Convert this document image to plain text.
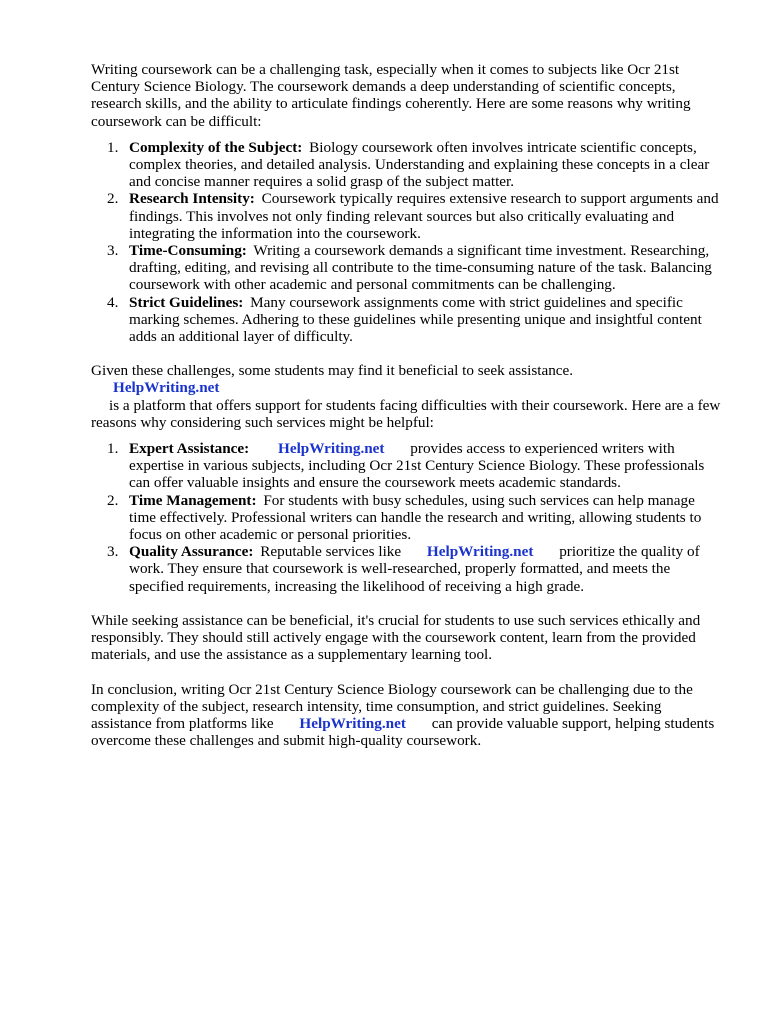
Writing coursework can be a challenging task, especially when it comes to subjects like Ocr 21st Century Science Biology. The coursework demands a deep understanding of scientific concepts, research skills, and the ability to articulate findings coherently. Here are some reasons why writing coursework can be difficult:

1. Complexity of the Subject: Biology coursework often involves intricate scientific concepts, complex theories, and detailed analysis. Understanding and explaining these concepts in a clear and concise manner requires a solid grasp of the subject matter.
2. Research Intensity: Coursework typically requires extensive research to support arguments and findings. This involves not only finding relevant sources but also critically evaluating and integrating the information into the coursework.
3. Time-Consuming: Writing a coursework demands a significant time investment. Researching, drafting, editing, and revising all contribute to the time-consuming nature of the task. Balancing coursework with other academic and personal commitments can be challenging.
4. Strict Guidelines: Many coursework assignments come with strict guidelines and specific marking schemes. Adhering to these guidelines while presenting unique and insightful content adds an additional layer of difficulty.

Given these challenges, some students may find it beneficial to seek assistance. HelpWriting.net
is a platform that offers support for students facing difficulties with their coursework. Here are a few reasons why considering such services might be helpful:

1. Expert Assistance: HelpWriting.net provides access to experienced writers with expertise in various subjects, including Ocr 21st Century Science Biology. These professionals can offer valuable insights and ensure the coursework meets academic standards.
2. Time Management: For students with busy schedules, using such services can help manage time effectively. Professional writers can handle the research and writing, allowing students to focus on other academic or personal priorities.
3. Quality Assurance: Reputable services like HelpWriting.net prioritize the quality of work. They ensure that coursework is well-researched, properly formatted, and meets the specified requirements, increasing the likelihood of receiving a high grade.

While seeking assistance can be beneficial, it's crucial for students to use such services ethically and responsibly. They should still actively engage with the coursework content, learn from the provided materials, and use the assistance as a supplementary learning tool.

In conclusion, writing Ocr 21st Century Science Biology coursework can be challenging due to the complexity of the subject, research intensity, time consumption, and strict guidelines. Seeking assistance from platforms like HelpWriting.net can provide valuable support, helping students overcome these challenges and submit high-quality coursework.
